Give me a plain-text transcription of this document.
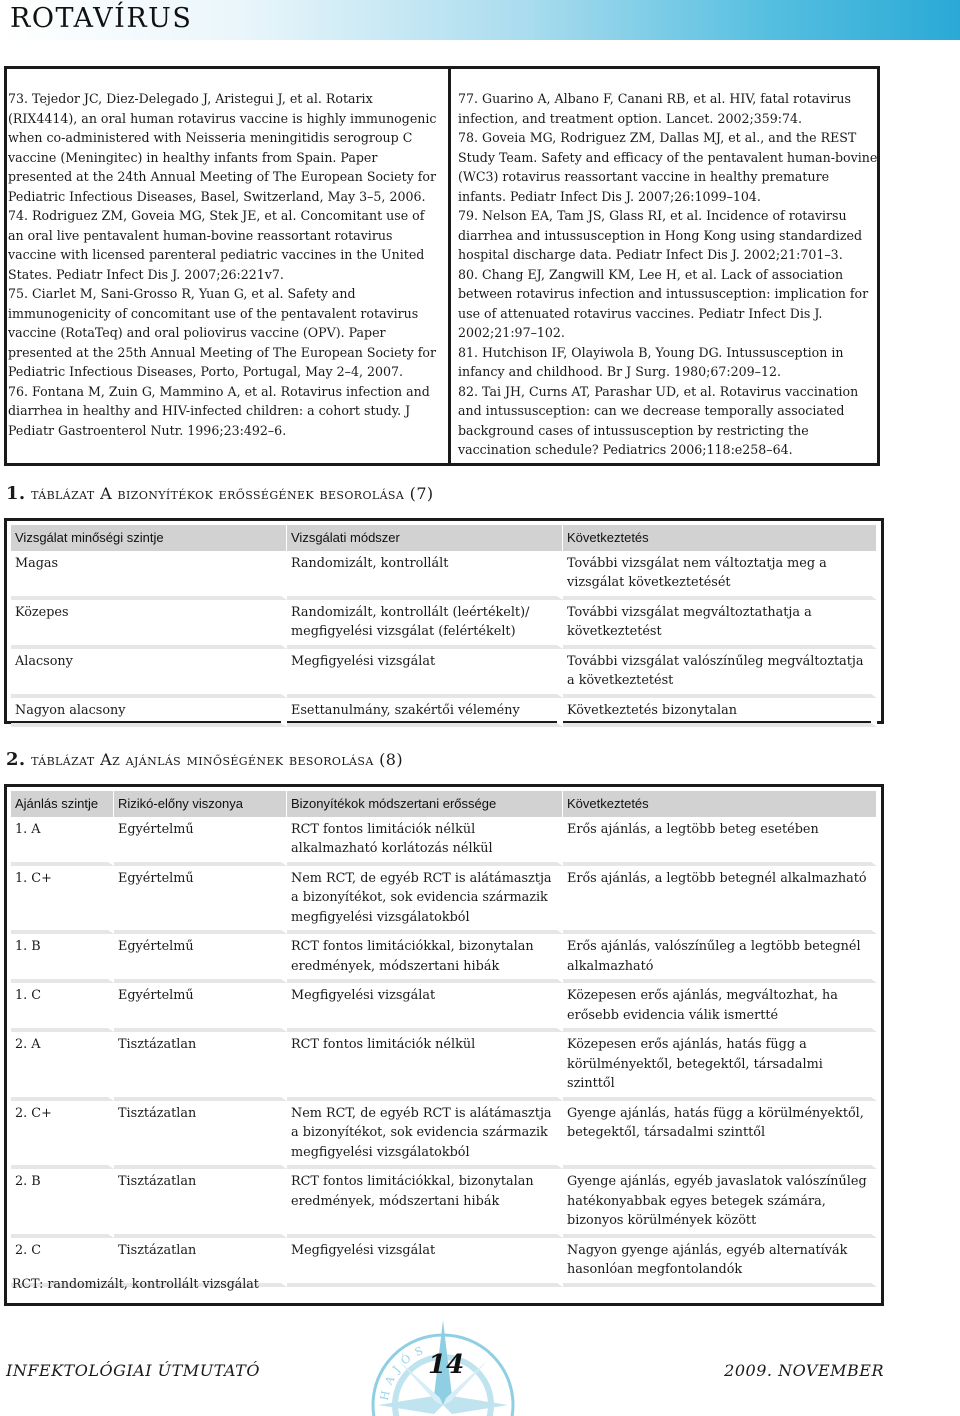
ROTAVÍRUS
73. Tejedor JC, Diez-Delegado J, Aristegui J, et al. Rotarix (RIX4414), an oral human rotavirus vaccine is highly immunogenic when co-administered with Neisseria meningitidis serogroup C vaccine (Meningitec) in healthy infants from Spain. Paper presented at the 24th Annual Meeting of The European Society for Pediatric Infectious Diseases, Basel, Switzerland, May 3–5, 2006.
74. Rodriguez ZM, Goveia MG, Stek JE, et al. Concomitant use of an oral live pentavalent human-bovine reassortant rotavirus vaccine with licensed parenteral pediatric vaccines in the United States. Pediatr Infect Dis J. 2007;26:221v7.
75. Ciarlet M, Sani-Grosso R, Yuan G, et al. Safety and immunogenicity of concomitant use of the pentavalent rotavirus vaccine (RotaTeq) and oral poliovirus vaccine (OPV). Paper presented at the 25th Annual Meeting of The European Society for Pediatric Infectious Diseases, Porto, Portugal, May 2–4, 2007.
76. Fontana M, Zuin G, Mammino A, et al. Rotavirus infection and diarrhea in healthy and HIV-infected children: a cohort study. J Pediatr Gastroenterol Nutr. 1996;23:492–6.
77. Guarino A, Albano F, Canani RB, et al. HIV, fatal rotavirus infection, and treatment option. Lancet. 2002;359:74.
78. Goveia MG, Rodriguez ZM, Dallas MJ, et al., and the REST Study Team. Safety and efficacy of the pentavalent human-bovine (WC3) rotavirus reassortant vaccine in healthy premature infants. Pediatr Infect Dis J. 2007;26:1099–104.
79. Nelson EA, Tam JS, Glass RI, et al. Incidence of rotavirsu diarrhea and intussusception in Hong Kong using standardized hospital discharge data. Pediatr Infect Dis J. 2002;21:701–3.
80. Chang EJ, Zangwill KM, Lee H, et al. Lack of association between rotavirus infection and intussusception: implication for use of attenuated rotavirus vaccines. Pediatr Infect Dis J. 2002;21:97–102.
81. Hutchison IF, Olayiwola B, Young DG. Intussusception in infancy and childhood. Br J Surg. 1980;67:209–12.
82. Tai JH, Curns AT, Parashar UD, et al. Rotavirus vaccination and intussusception: can we decrease temporally associated background cases of intussusception by restricting the vaccination schedule? Pediatrics 2006;118:e258–64.
1. táblázat A bizonyítékok erősségének besorolása (7)
Vizsgálat minőségi szintje	Vizsgálati módszer	Következtetés
Magas	Randomizált, kontrollált	További vizsgálat nem változtatja meg a vizsgálat következtetését
Közepes	Randomizált, kontrollált (leértékelt)/ megfigyelési vizsgálat (felértékelt)	További vizsgálat megváltoztathatja a következtetést
Alacsony	Megfigyelési vizsgálat	További vizsgálat valószínűleg megváltoztatja a következtetést
Nagyon alacsony	Esettanulmány, szakértői vélemény	Következtetés bizonytalan
2. táblázat Az ajánlás minőségének besorolása (8)
Ajánlás szintje	Rizikó-előny viszonya	Bizonyítékok módszertani erőssége	Következtetés
1. A	Egyértelmű	RCT fontos limitációk nélkül alkalmazható korlátozás nélkül	Erős ajánlás, a legtöbb beteg esetében
1. C+	Egyértelmű	Nem RCT, de egyéb RCT is alátámasztja a bizonyítékot, sok evidencia származik megfigyelési vizsgálatokból	Erős ajánlás, a legtöbb betegnél alkalmazható
1. B	Egyértelmű	RCT fontos limitációkkal, bizonytalan eredmények, módszertani hibák	Erős ajánlás, valószínűleg a legtöbb betegnél alkalmazható
1. C	Egyértelmű	Megfigyelési vizsgálat	Közepesen erős ajánlás, megváltozhat, ha erősebb evidencia válik ismertté
2. A	Tisztázatlan	RCT fontos limitációk nélkül	Közepesen erős ajánlás, hatás függ a körülményektől, betegektől, társadalmi szinttől
2. C+	Tisztázatlan	Nem RCT, de egyéb RCT is alátámasztja a bizonyítékot, sok evidencia származik megfigyelési vizsgálatokból	Gyenge ajánlás, hatás függ a körülményektől, betegektől, társadalmi szinttől
2. B	Tisztázatlan	RCT fontos limitációkkal, bizonytalan eredmények, módszertani hibák	Gyenge ajánlás, egyéb javaslatok valószínűleg hatékonyabbak egyes betegek számára, bizonyos körülmények között
2. C	Tisztázatlan	Megfigyelési vizsgálat	Nagyon gyenge ajánlás, egyéb alternatívák hasonlóan megfontolandók

RCT: randomizált, kontrollált vizsgálat

HAJÓS
INFEKTOLÓGIAI ÚTMUTATÓ	14	2009. NOVEMBER
